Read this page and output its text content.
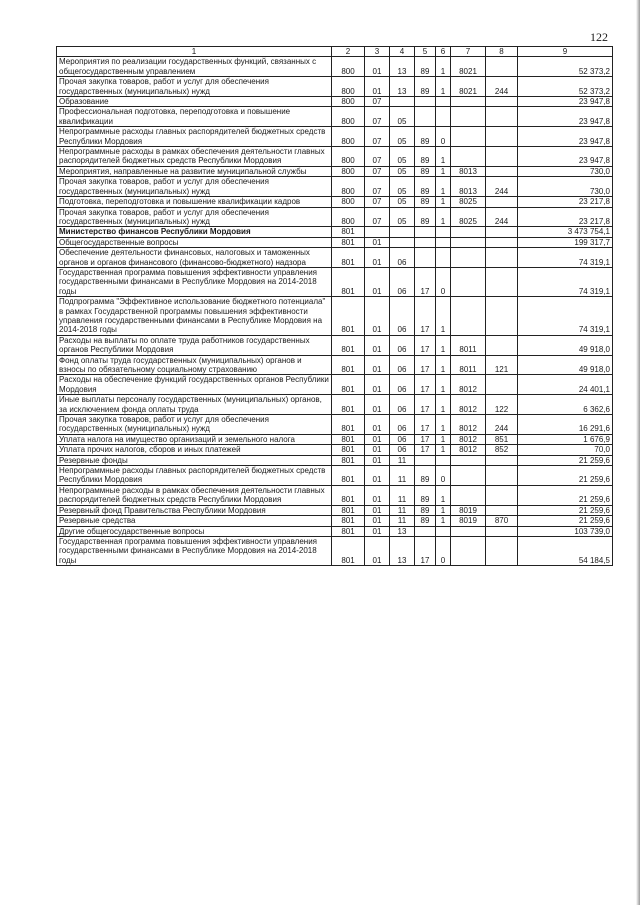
122
1	2	3	4	5	6	7	8	9
Мероприятия по реализации государственных функций, связанных с общегосударственным управлением	800	01	13	89	1	8021		52 373,2
Прочая закупка товаров, работ и услуг для обеспечения государственных (муниципальных) нужд	800	01	13	89	1	8021	244	52 373,2
Образование	800	07						23 947,8
Профессиональная подготовка, переподготовка и повышение квалификации	800	07	05					23 947,8
Непрограммные расходы главных распорядителей бюджетных средств Республики Мордовия	800	07	05	89	0			23 947,8
Непрограммные расходы в рамках обеспечения деятельности главных распорядителей бюджетных средств Республики Мордовия	800	07	05	89	1			23 947,8
Мероприятия, направленные на развитие муниципальной службы	800	07	05	89	1	8013		730,0
Прочая закупка товаров, работ и услуг для обеспечения государственных (муниципальных) нужд	800	07	05	89	1	8013	244	730,0
Подготовка, переподготовка и повышение квалификации кадров	800	07	05	89	1	8025		23 217,8
Прочая закупка товаров, работ и услуг для обеспечения государственных (муниципальных) нужд	800	07	05	89	1	8025	244	23 217,8
Министерство финансов Республики Мордовия	801							3 473 754,1
Общегосударственные вопросы	801	01						199 317,7
Обеспечение деятельности финансовых, налоговых и таможенных органов и органов финансового (финансово-бюджетного) надзора	801	01	06					74 319,1
Государственная программа повышения эффективности управления государственными финансами в Республике Мордовия на 2014-2018 годы	801	01	06	17	0			74 319,1
Подпрограмма "Эффективное использование бюджетного потенциала" в рамках Государственной программы повышения эффективности управления государственными финансами в Республике Мордовия на 2014-2018 годы	801	01	06	17	1			74 319,1
Расходы на выплаты по оплате труда работников государственных органов Республики Мордовия	801	01	06	17	1	8011		49 918,0
Фонд оплаты труда государственных (муниципальных) органов и взносы по обязательному социальному страхованию	801	01	06	17	1	8011	121	49 918,0
Расходы на обеспечение функций государственных органов Республики Мордовия	801	01	06	17	1	8012		24 401,1
Иные выплаты персоналу государственных (муниципальных) органов, за исключением фонда оплаты труда	801	01	06	17	1	8012	122	6 362,6
Прочая закупка товаров, работ и услуг для обеспечения государственных (муниципальных) нужд	801	01	06	17	1	8012	244	16 291,6
Уплата налога на имущество организаций и земельного налога	801	01	06	17	1	8012	851	1 676,9
Уплата прочих налогов, сборов и иных платежей	801	01	06	17	1	8012	852	70,0
Резервные фонды	801	01	11					21 259,6
Непрограммные расходы главных распорядителей бюджетных средств Республики Мордовия	801	01	11	89	0			21 259,6
Непрограммные расходы в рамках обеспечения деятельности главных распорядителей бюджетных средств Республики Мордовия	801	01	11	89	1			21 259,6
Резервный фонд Правительства Республики Мордовия	801	01	11	89	1	8019		21 259,6
Резервные средства	801	01	11	89	1	8019	870	21 259,6
Другие общегосударственные вопросы	801	01	13					103 739,0
Государственная программа повышения эффективности управления государственными финансами в Республике Мордовия на 2014-2018 годы	801	01	13	17	0			54 184,5
